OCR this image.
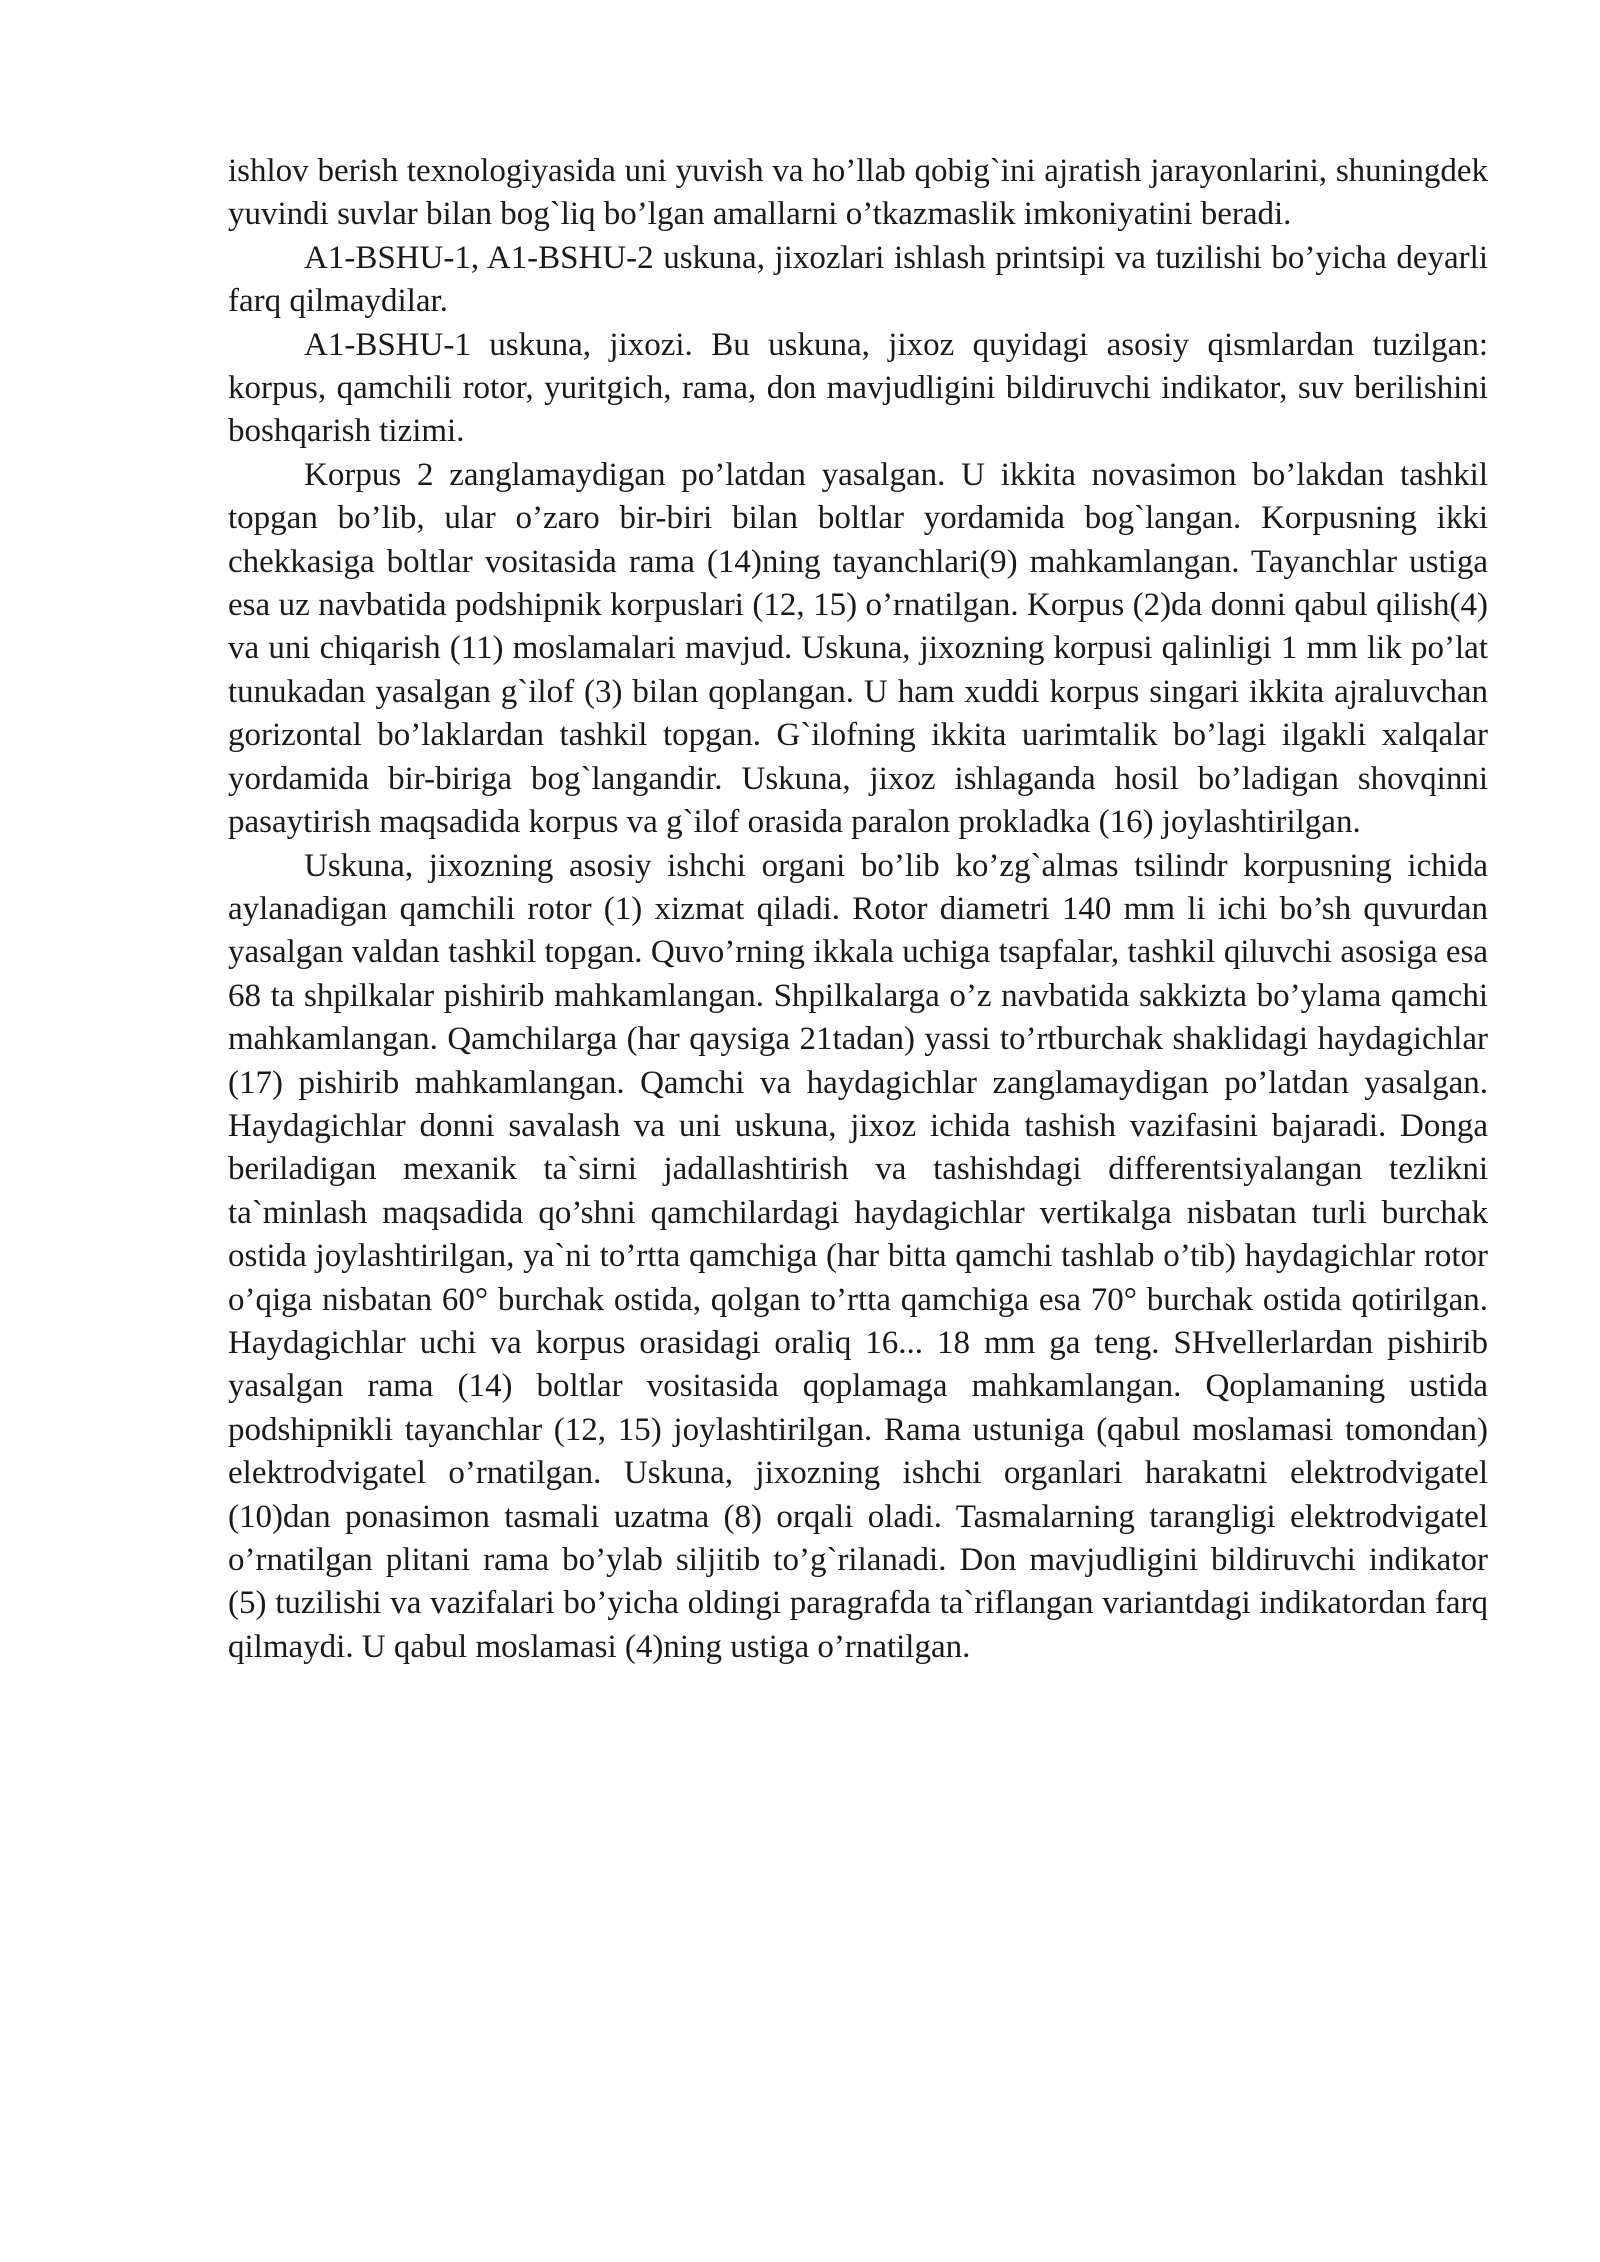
ishlov berish texnologiyasida uni yuvish va ho’llab qobig`ini ajratish jarayonlarini, shuningdek yuvindi suvlar bilan bog`liq bo’lgan amallarni o’tkazmaslik imkoniyatini beradi.

A1-BSHU-1, A1-BSHU-2 uskuna, jixozlari ishlash printsipi va tuzilishi bo’yicha deyarli farq qilmaydilar.

A1-BSHU-1 uskuna, jixozi. Bu uskuna, jixoz quyidagi asosiy qismlardan tuzilgan: korpus, qamchili rotor, yuritgich, rama, don mavjudligini bildiruvchi indikator, suv berilishini boshqarish tizimi.

Korpus 2 zanglamaydigan po’latdan yasalgan. U ikkita novasimon bo’lakdan tashkil topgan bo’lib, ular o’zaro bir-biri bilan boltlar yordamida bog`langan. Korpusning ikki chekkasiga boltlar vositasida rama (14)ning tayanchlari(9) mahkamlangan. Tayanchlar ustiga esa uz navbatida podshipnik korpuslari (12, 15) o’rnatilgan. Korpus (2)da donni qabul qilish(4) va uni chiqarish (11) moslamalari mavjud. Uskuna, jixozning korpusi qalinligi 1 mm lik po’lat tunukadan yasalgan g`ilof (3) bilan qoplangan. U ham xuddi korpus singari ikkita ajraluvchan gorizontal bo’laklardan tashkil topgan. G`ilofning ikkita uarimtalik bo’lagi ilgakli xalqalar yordamida bir-biriga bog`langandir. Uskuna, jixoz ishlaganda hosil bo’ladigan shovqinni pasaytirish maqsadida korpus va g`ilof orasida paralon prokladka (16) joylashtirilgan.

Uskuna, jixozning asosiy ishchi organi bo’lib ko’zg`almas tsilindr korpusning ichida aylanadigan qamchili rotor (1) xizmat qiladi. Rotor diametri 140 mm li ichi bo’sh quvurdan yasalgan valdan tashkil topgan. Quvo’rning ikkala uchiga tsapfalar, tashkil qiluvchi asosiga esa 68 ta shpilkalar pishirib mahkamlangan. Shpilkalarga o’z navbatida sakkizta bo’ylama qamchi mahkamlangan. Qamchilarga (har qaysiga 21tadan) yassi to’rtburchak shaklidagi haydagichlar (17) pishirib mahkamlangan. Qamchi va haydagichlar zanglamaydigan po’latdan yasalgan. Haydagichlar donni savalash va uni uskuna, jixoz ichida tashish vazifasini bajaradi. Donga beriladigan mexanik ta`sirni jadallashtirish va tashishdagi differentsiyalangan tezlikni ta`minlash maqsadida qo’shni qamchilardagi haydagichlar vertikalga nisbatan turli burchak ostida joylashtirilgan, ya`ni to’rtta qamchiga (har bitta qamchi tashlab o’tib) haydagichlar rotor o’qiga nisbatan 60° burchak ostida, qolgan to’rtta qamchiga esa 70° burchak ostida qotirilgan. Haydagichlar uchi va korpus orasidagi oraliq 16... 18 mm ga teng. SHvellerlardan pishirib yasalgan rama (14) boltlar vositasida qoplamaga mahkamlangan. Qoplamaning ustida podshipnikli tayanchlar (12, 15) joylashtirilgan. Rama ustuniga (qabul moslamasi tomondan) elektrodvigatel o’rnatilgan. Uskuna, jixozning ishchi organlari harakatni elektrodvigatel (10)dan ponasimon tasmali uzatma (8) orqali oladi. Tasmalarning tarangligi elektrodvigatel o’rnatilgan plitani rama bo’ylab siljitib to’g`rilanadi. Don mavjudligini bildiruvchi indikator (5) tuzilishi va vazifalari bo’yicha oldingi paragrafda ta`riflangan variantdagi indikatordan farq qilmaydi. U qabul moslamasi (4)ning ustiga o’rnatilgan.
